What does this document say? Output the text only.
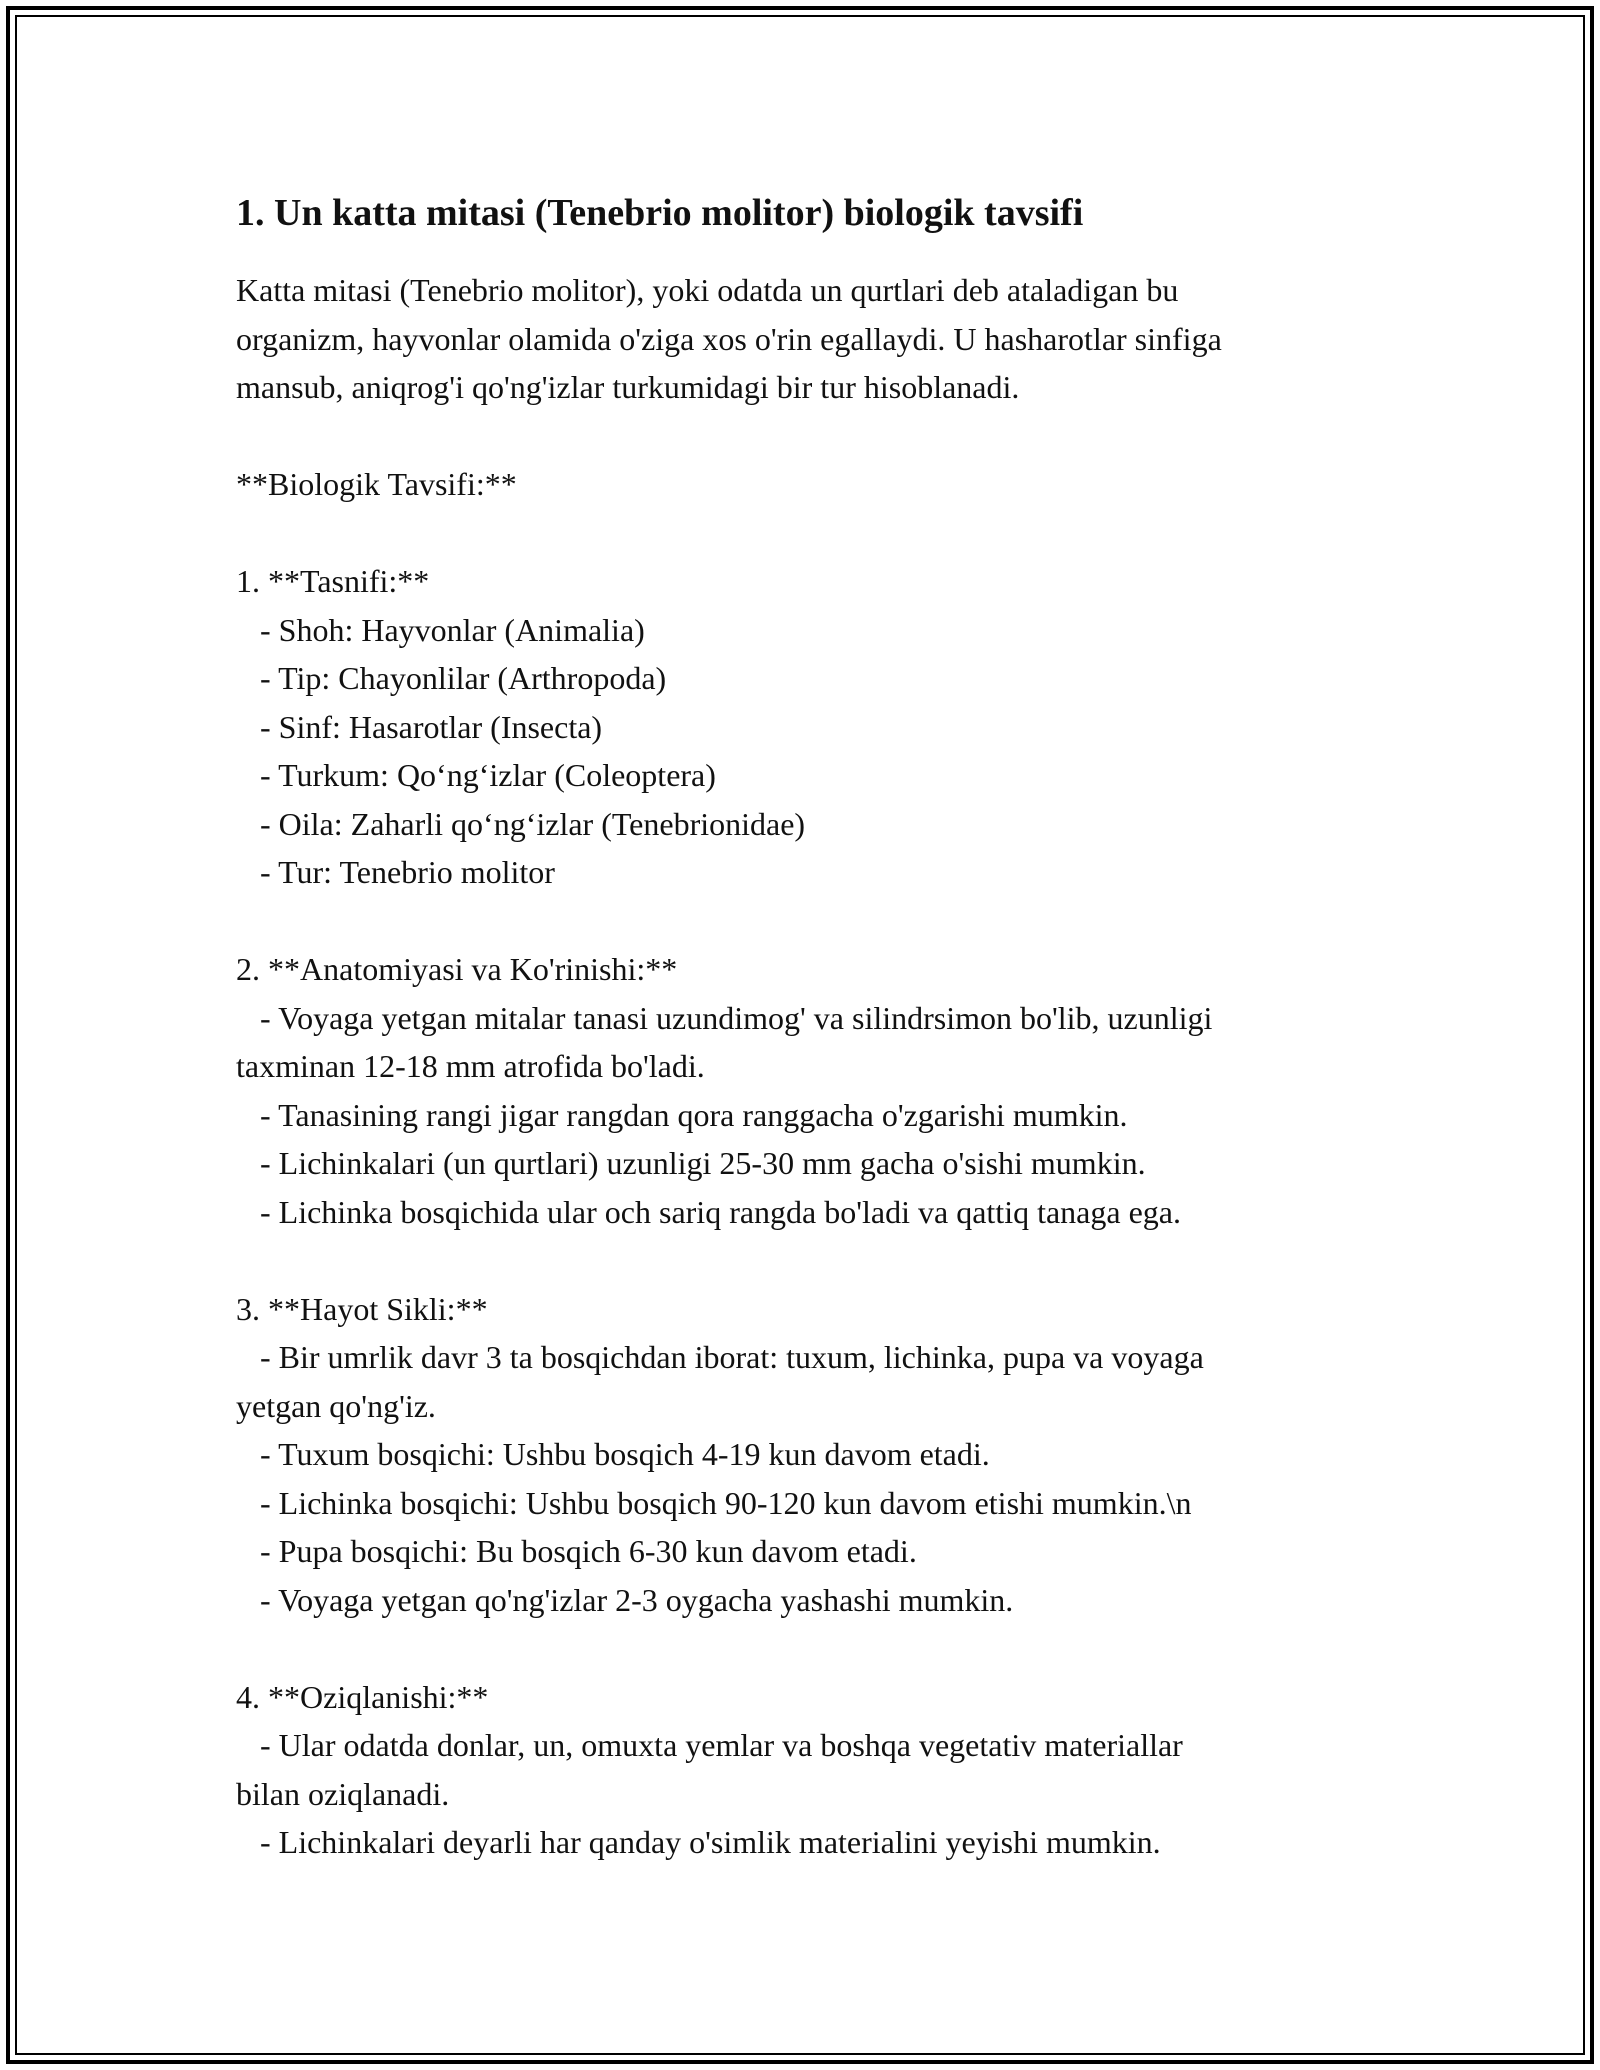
1. Un katta mitasi (Tenebrio molitor) biologik tavsifi
Katta mitasi (Tenebrio molitor), yoki odatda un qurtlari deb ataladigan bu
organizm, hayvonlar olamida o'ziga xos o'rin egallaydi. U hasharotlar sinfiga
mansub, aniqrog'i qo'ng'izlar turkumidagi bir tur hisoblanadi.
**Biologik Tavsifi:**
1. **Tasnifi:**
- Shoh: Hayvonlar (Animalia)
- Tip: Chayonlilar (Arthropoda)
- Sinf: Hasarotlar (Insecta)
- Turkum: Qo‘ng‘izlar (Coleoptera)
- Oila: Zaharli qo‘ng‘izlar (Tenebrionidae)
- Tur: Tenebrio molitor
2. **Anatomiyasi va Ko'rinishi:**
- Voyaga yetgan mitalar tanasi uzundimog' va silindrsimon bo'lib, uzunligi
taxminan 12-18 mm atrofida bo'ladi.
- Tanasining rangi jigar rangdan qora ranggacha o'zgarishi mumkin.
- Lichinkalari (un qurtlari) uzunligi 25-30 mm gacha o'sishi mumkin.
- Lichinka bosqichida ular och sariq rangda bo'ladi va qattiq tanaga ega.
3. **Hayot Sikli:**
- Bir umrlik davr 3 ta bosqichdan iborat: tuxum, lichinka, pupa va voyaga
yetgan qo'ng'iz.
- Tuxum bosqichi: Ushbu bosqich 4-19 kun davom etadi.
- Lichinka bosqichi: Ushbu bosqich 90-120 kun davom etishi mumkin.\n
- Pupa bosqichi: Bu bosqich 6-30 kun davom etadi.
- Voyaga yetgan qo'ng'izlar 2-3 oygacha yashashi mumkin.
4. **Oziqlanishi:**
- Ular odatda donlar, un, omuxta yemlar va boshqa vegetativ materiallar
bilan oziqlanadi.
- Lichinkalari deyarli har qanday o'simlik materialini yeyishi mumkin.
